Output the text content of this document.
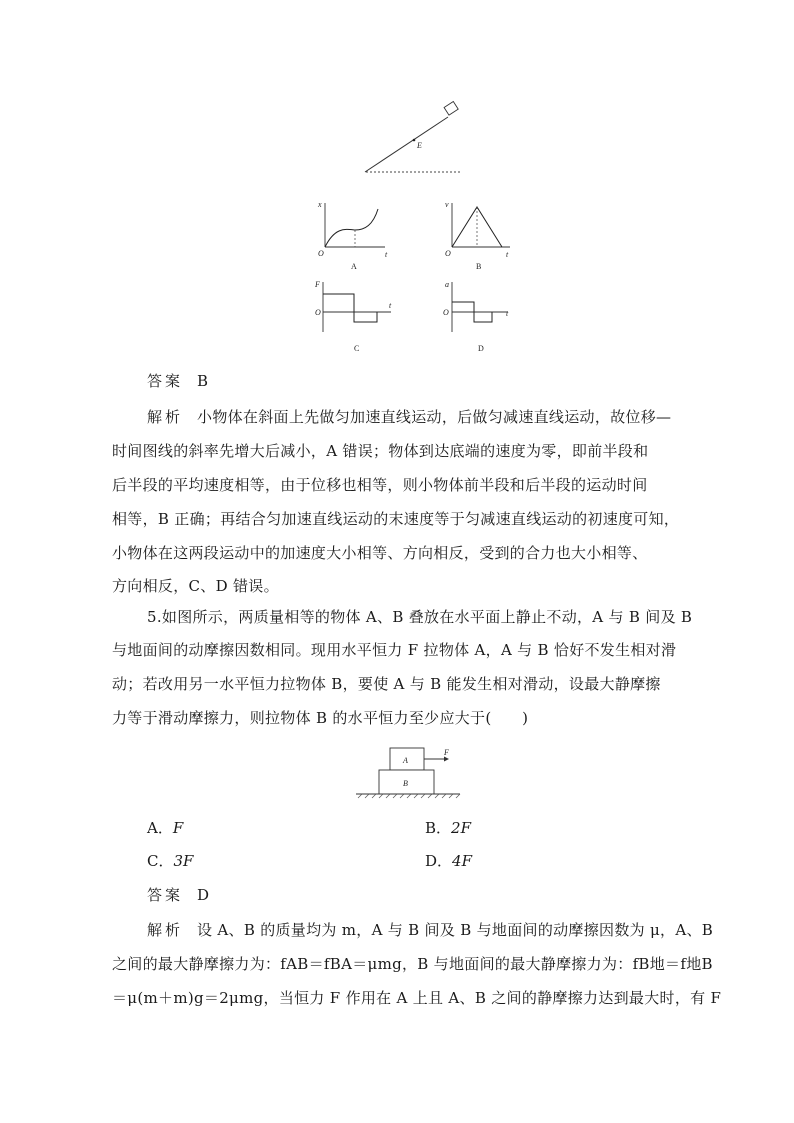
E
x
t
O
A
v
t
O
B
F
t
O
C
a
t
O
D
答案 B
解析 小物体在斜面上先做匀加速直线运动，后做匀减速直线运动，故位移—
时间图线的斜率先增大后减小，A 错误；物体到达底端的速度为零，即前半段和
后半段的平均速度相等，由于位移也相等，则小物体前半段和后半段的运动时间
相等，B 正确；再结合匀加速直线运动的末速度等于匀减速直线运动的初速度可知，
小物体在这两段运动中的加速度大小相等、方向相反，受到的合力也大小相等、
方向相反，C、D 错误。
5.如图所示，两质量相等的物体 A、B 叠放在水平面上静止不动，A 与 B 间及 B
与地面间的动摩擦因数相同。现用水平恒力 F 拉物体 A，A 与 B 恰好不发生相对滑
动；若改用另一水平恒力拉物体 B，要使 A 与 B 能发生相对滑动，设最大静摩擦
力等于滑动摩擦力，则拉物体 B 的水平恒力至少应大于(　　)
A
B
F
A．F	B．2F
C．3F	D．4F
答案 D
解析 设 A、B 的质量均为 m，A 与 B 间及 B 与地面间的动摩擦因数为 μ，A、B
之间的最大静摩擦力为：fAB＝fBA＝μmg，B 与地面间的最大静摩擦力为：fB地＝f地B
＝μ(m＋m)g＝2μmg，当恒力 F 作用在 A 上且 A、B 之间的静摩擦力达到最大时，有 F
